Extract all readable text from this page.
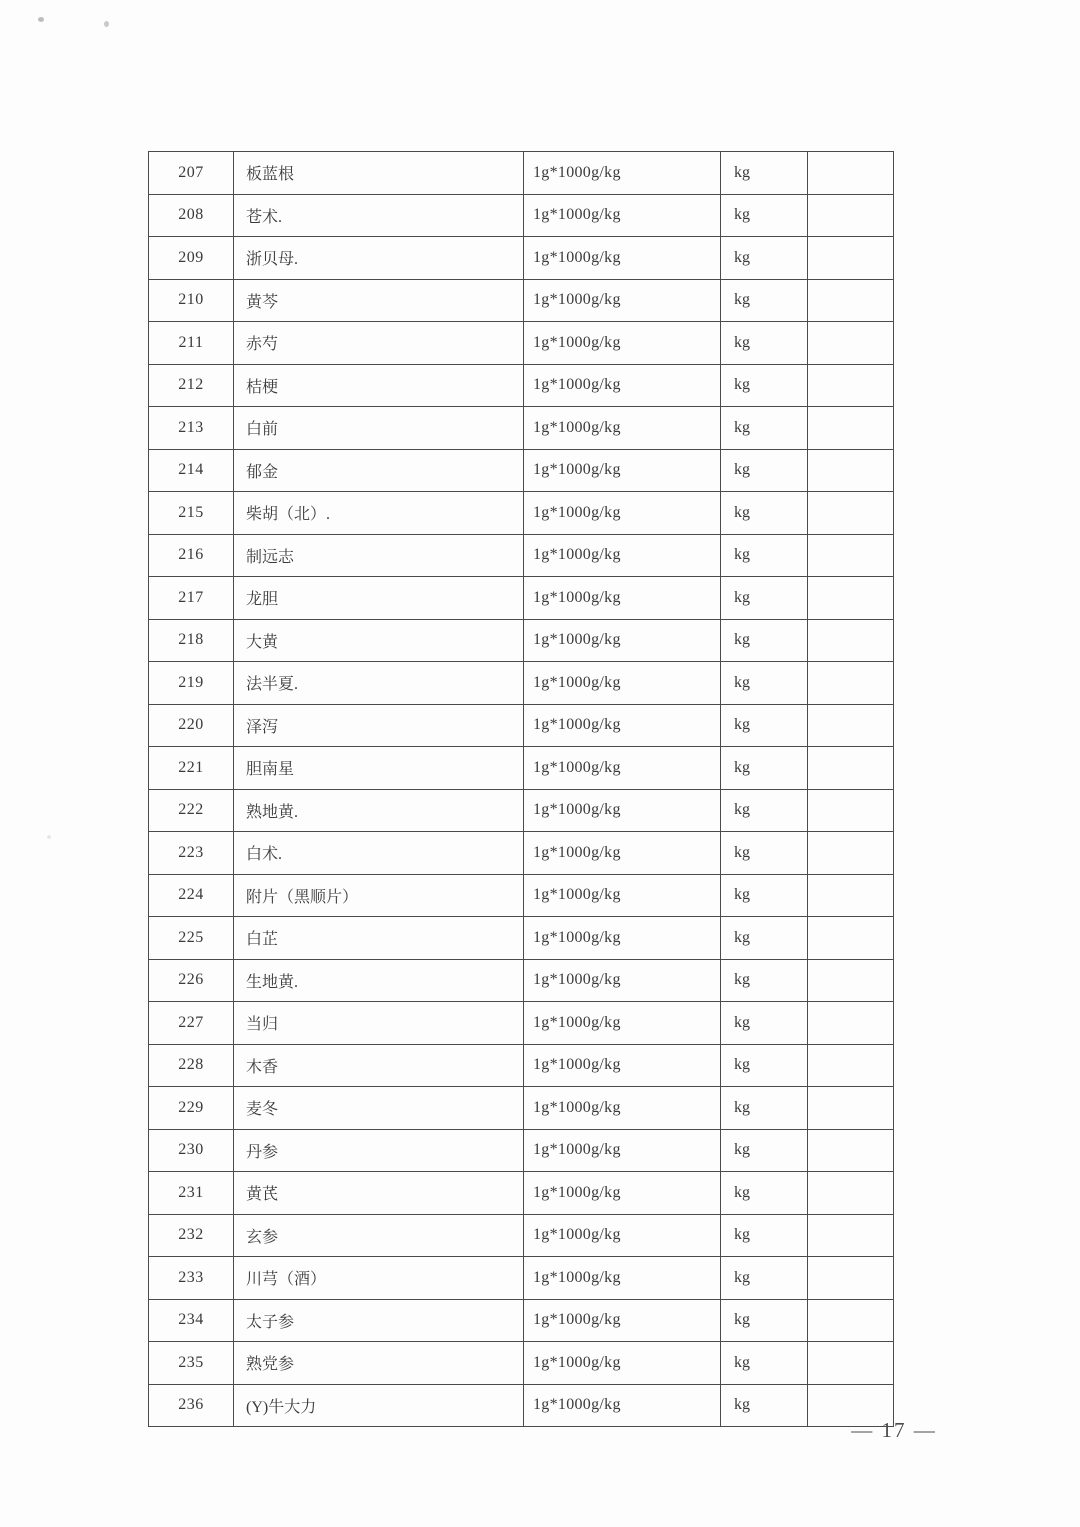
207	板蓝根	1g*1000g/kg	kg	
208	苍术.	1g*1000g/kg	kg	
209	浙贝母.	1g*1000g/kg	kg	
210	黄芩	1g*1000g/kg	kg	
211	赤芍	1g*1000g/kg	kg	
212	桔梗	1g*1000g/kg	kg	
213	白前	1g*1000g/kg	kg	
214	郁金	1g*1000g/kg	kg	
215	柴胡（北）.	1g*1000g/kg	kg	
216	制远志	1g*1000g/kg	kg	
217	龙胆	1g*1000g/kg	kg	
218	大黄	1g*1000g/kg	kg	
219	法半夏.	1g*1000g/kg	kg	
220	泽泻	1g*1000g/kg	kg	
221	胆南星	1g*1000g/kg	kg	
222	熟地黄.	1g*1000g/kg	kg	
223	白术.	1g*1000g/kg	kg	
224	附片（黑顺片）	1g*1000g/kg	kg	
225	白芷	1g*1000g/kg	kg	
226	生地黄.	1g*1000g/kg	kg	
227	当归	1g*1000g/kg	kg	
228	木香	1g*1000g/kg	kg	
229	麦冬	1g*1000g/kg	kg	
230	丹参	1g*1000g/kg	kg	
231	黄芪	1g*1000g/kg	kg	
232	玄参	1g*1000g/kg	kg	
233	川芎（酒）	1g*1000g/kg	kg	
234	太子参	1g*1000g/kg	kg	
235	熟党参	1g*1000g/kg	kg	
236	(Y)牛大力	1g*1000g/kg	kg	
— 17 —
